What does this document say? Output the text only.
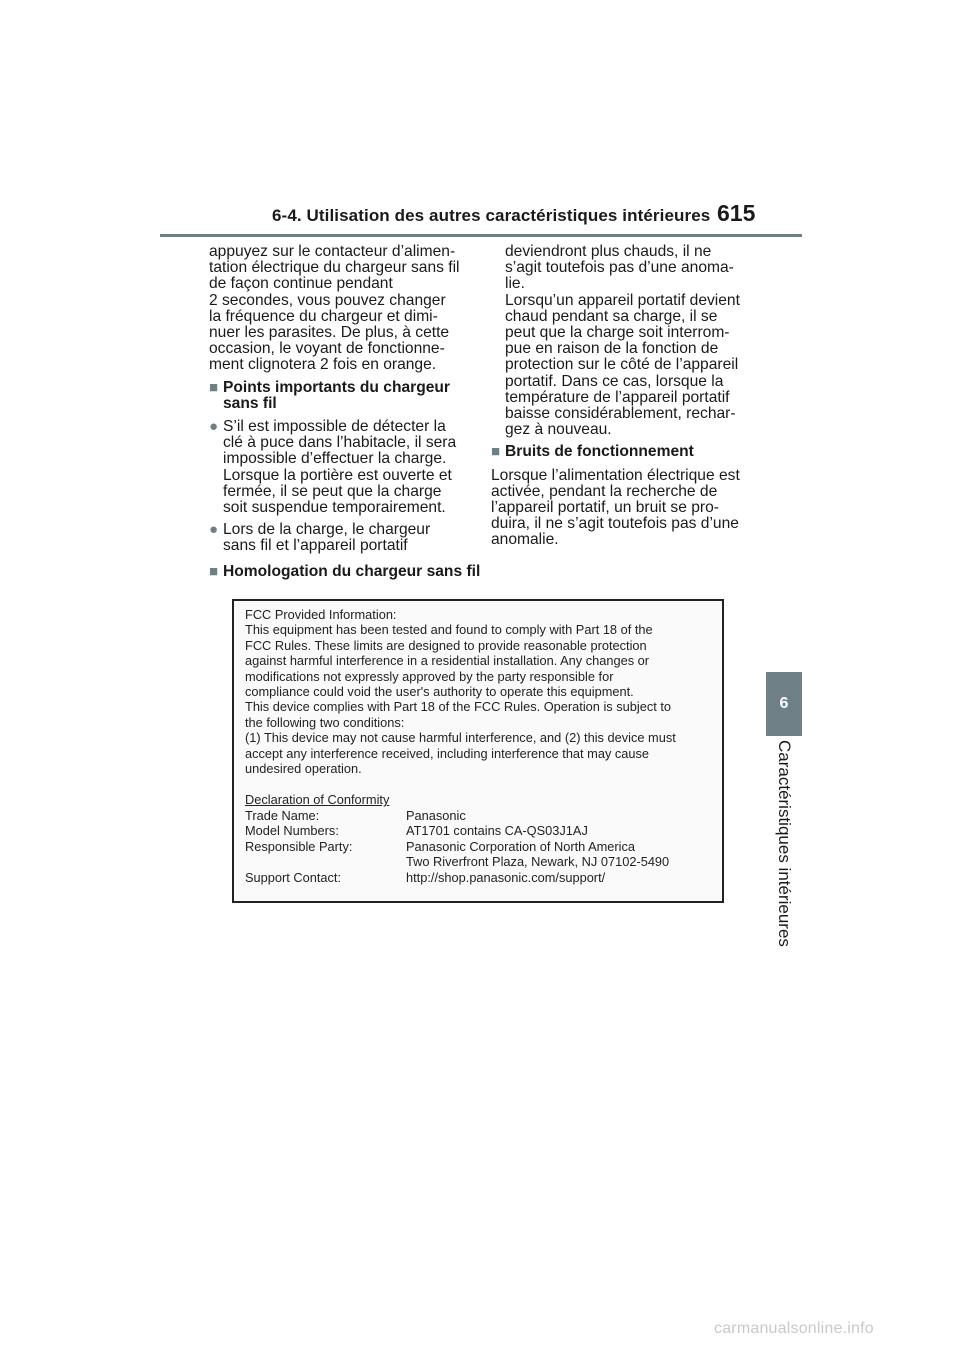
6-4. Utilisation des autres caractéristiques intérieures 615
6
Caractéristiques intérieures
appuyez sur le contacteur d’alimen-
tation électrique du chargeur sans fil
de façon continue pendant
2 secondes, vous pouvez changer
la fréquence du chargeur et dimi-
nuer les parasites. De plus, à cette
occasion, le voyant de fonctionne-
ment clignotera 2 fois en orange.
■ Points importants du chargeur
sans fil
● S’il est impossible de détecter la
clé à puce dans l’habitacle, il sera
impossible d’effectuer la charge.
Lorsque la portière est ouverte et
fermée, il se peut que la charge
soit suspendue temporairement.
● Lors de la charge, le chargeur
sans fil et l’appareil portatif
deviendront plus chauds, il ne
s’agit toutefois pas d’une anoma-
lie.
Lorsqu’un appareil portatif devient
chaud pendant sa charge, il se
peut que la charge soit interrom-
pue en raison de la fonction de
protection sur le côté de l’appareil
portatif. Dans ce cas, lorsque la
température de l’appareil portatif
baisse considérablement, rechar-
gez à nouveau.
■ Bruits de fonctionnement
Lorsque l’alimentation électrique est
activée, pendant la recherche de
l’appareil portatif, un bruit se pro-
duira, il ne s’agit toutefois pas d’une
anomalie.
■ Homologation du chargeur sans fil

FCC Provided Information:

This equipment has been tested and found to comply with Part 18 of the

FCC Rules. These limits are designed to provide reasonable protection

against harmful interference in a residential installation. Any changes or

modifications not expressly approved by the party responsible for

compliance could void the user's authority to operate this equipment.

This device complies with Part 18 of the FCC Rules. Operation is subject to

the following two conditions:

(1) This device may not cause harmful interference, and (2) this device must

accept any interference received, including interference that may cause

undesired operation.

Declaration of Conformity

Trade Name:	Panasonic
Model Numbers:	AT1701 contains CA-QS03J1AJ
Responsible Party:	Panasonic Corporation of North America
Two Riverfront Plaza, Newark, NJ 07102-5490
Support Contact:	http://shop.panasonic.com/support/
carmanualsonline.info
